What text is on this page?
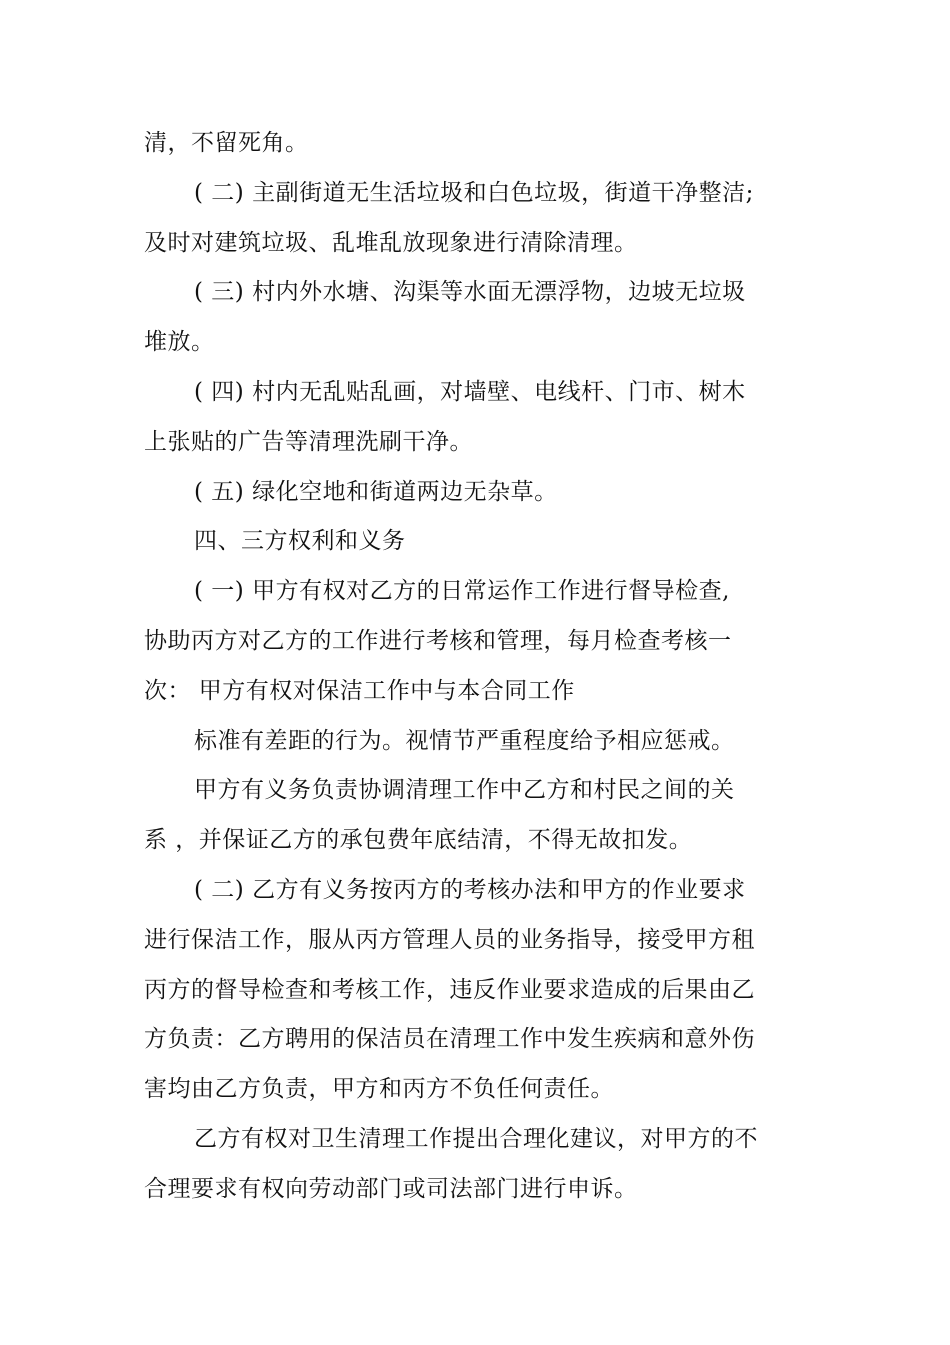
清，不留死角。
( 二) 主副街道无生活垃圾和白色垃圾，街道干净整洁;
及时对建筑垃圾、乱堆乱放现象进行清除清理。
( 三) 村内外水塘、沟渠等水面无漂浮物，边坡无垃圾
堆放。
( 四) 村内无乱贴乱画，对墙壁、电线杆、门市、树木
上张贴的广告等清理洗刷干净。
( 五) 绿化空地和街道两边无杂草。
四、三方权利和义务
( 一) 甲方有权对乙方的日常运作工作进行督导检查,
协助丙方对乙方的工作进行考核和管理，每月检查考核一
次： 甲方有权对保洁工作中与本合同工作
标准有差距的行为。视情节严重程度给予相应惩戒。
甲方有义务负责协调清理工作中乙方和村民之间的关
系 ，并保证乙方的承包费年底结清，不得无故扣发。
( 二) 乙方有义务按丙方的考核办法和甲方的作业要求
进行保洁工作，服从丙方管理人员的业务指导，接受甲方租
丙方的督导检查和考核工作，违反作业要求造成的后果由乙
方负责：乙方聘用的保洁员在清理工作中发生疾病和意外伤
害均由乙方负责，甲方和丙方不负任何责任。
乙方有权对卫生清理工作提出合理化建议，对甲方的不
合理要求有权向劳动部门或司法部门进行申诉。
